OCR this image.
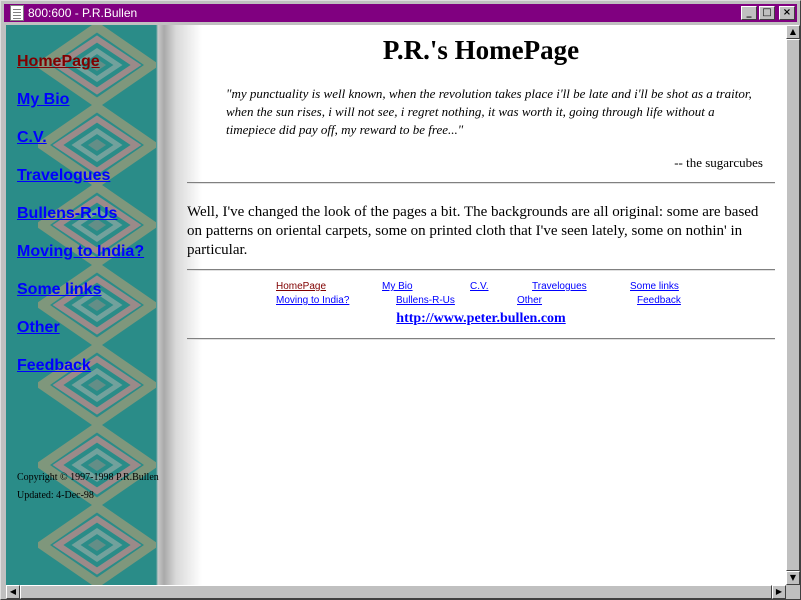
800:600 - P.R.Bullen	_	□	×
HomePage
My Bio
C.V.
Travelogues
Bullens-R-Us
Moving to India?
Some links
Other
Feedback
Copyright © 1997-1998 P.R.Bullen
Updated: 4-Dec-98
P.R.'s HomePage
"my punctuality is well known, when the revolution takes place i'll be late and i'll be shot as a traitor, when the sun rises, i will not see, i regret nothing, it was worth it, going through life without a timepiece did pay off, my reward to be free..."
-- the sugarcubes
Well, I've changed the look of the pages a bit. The backgrounds are all original: some are based on patterns on oriental carpets, some on printed cloth that I've seen lately, some on nothin' in particular.
HomePage	My Bio	C.V.	Travelogues	Some links
Moving to India?	Bullens-R-Us	Other	Feedback
http://www.peter.bullen.com
▲
▼
◀	▶
